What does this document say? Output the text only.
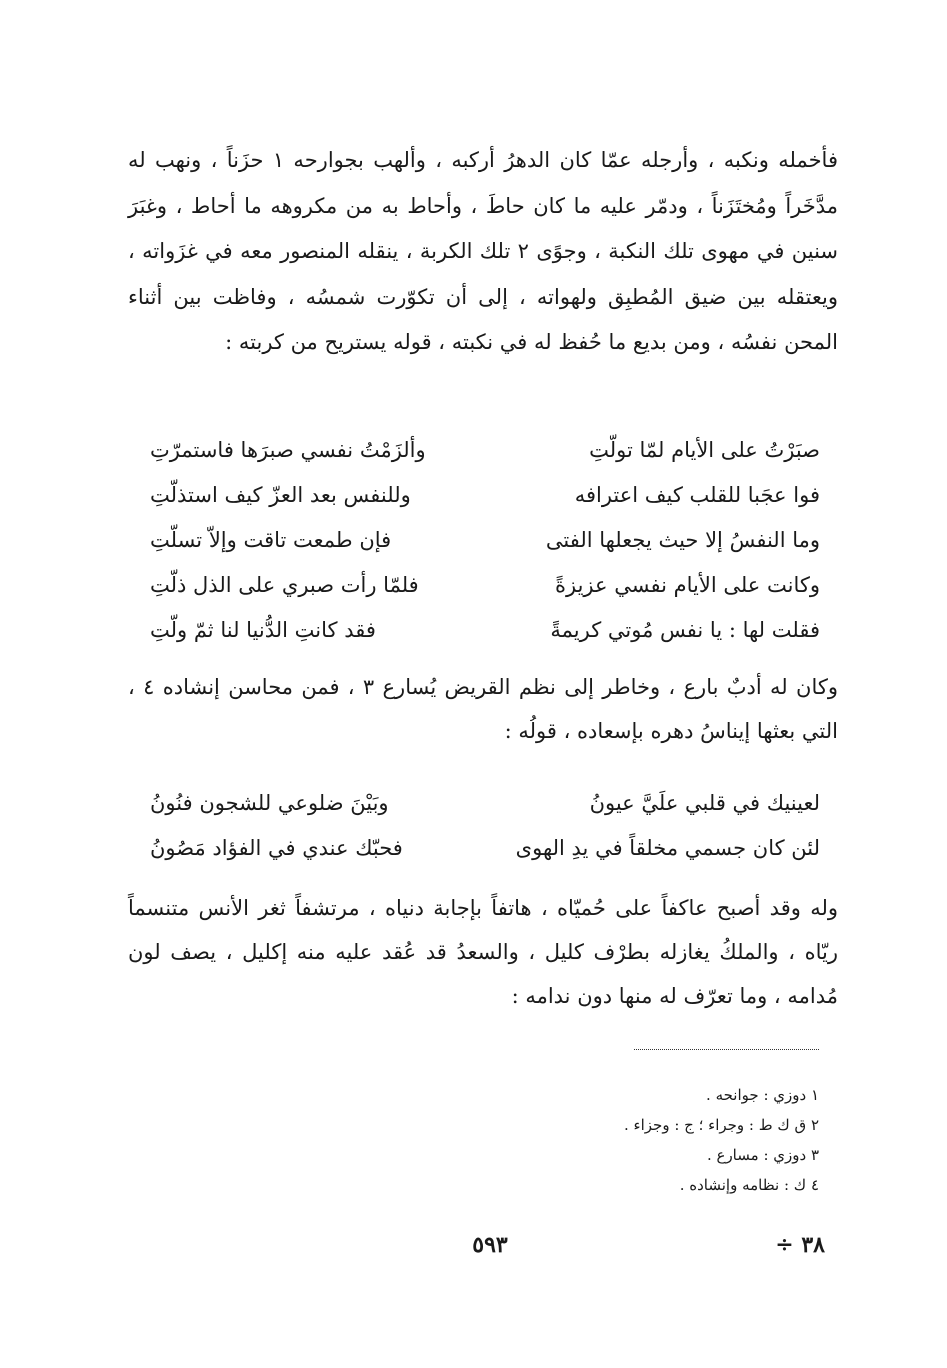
فأخمله ونكبه ، وأرجله عمّا كان الدهرُ أركبه ، وألهب بجوارحه ١ حزَناً ، ونهب له مدَّخَراً ومُختَزَناً ، ودمّر عليه ما كان حاطَ ، وأحاط به من مكروهه ما أحاط ، وغبَرَ سنين في مهوى تلك النكبة ، وجوًى ٢ تلك الكربة ، ينقله المنصور معه في غزَواته ، ويعتقله بين ضيق المُطبِق ولهواته ، إلى أن تكوّرت شمسُه ، وفاظت بين أثناء المحن نفسُه ، ومن بديع ما حُفظ له في نكبته ، قوله يستريح من كربته :

صبَرْتُ على الأيام لمّا تولّتِ
وألزَمْتُ نفسي صبرَها فاستمرّتِ
فوا عجَبا للقلب كيف اعترافه
وللنفس بعد العزّ كيف استذلّتِ
وما النفسُ إلا حيث يجعلها الفتى
فإن طمعت تاقت وإلاّ تسلّتِ
وكانت على الأيام نفسي عزيزةً
فلمّا رأت صبري على الذل ذلّتِ
فقلت لها : يا نفس مُوتي كريمةً
فقد كانتِ الدُّنيا لنا ثمّ ولّتِ

وكان له أدبٌ بارع ، وخاطر إلى نظم القريض يُسارع ٣ ، فمن محاسن إنشاده ٤ ، التي بعثها إيناسُ دهره بإسعاده ، قولُه :

لعينيك في قلبي علَيَّ عيونُ
وبَيْنَ ضلوعي للشجون فنُونُ
لئن كان جسمي مخلقاً في يدِ الهوى
فحبّك عندي في الفؤاد مَصُونُ

وله وقد أصبح عاكفاً على حُميّاه ، هاتفاً بإجابة دنياه ، مرتشفاً ثغر الأنس متنسماً ريّاه ، والملكُ يغازله بطرْف كليل ، والسعدُ قد عُقد عليه منه إكليل ، يصف لون مُدامه ، وما تعرّف له منها دون ندامه :

١ دوزي : جوانحه .
٢ ق ك ط : وجراء ؛ ج : وجزاء .
٣ دوزي : مسارع .
٤ ك : نظامه وإنشاده .
٥٩٣	٣٨ ÷
